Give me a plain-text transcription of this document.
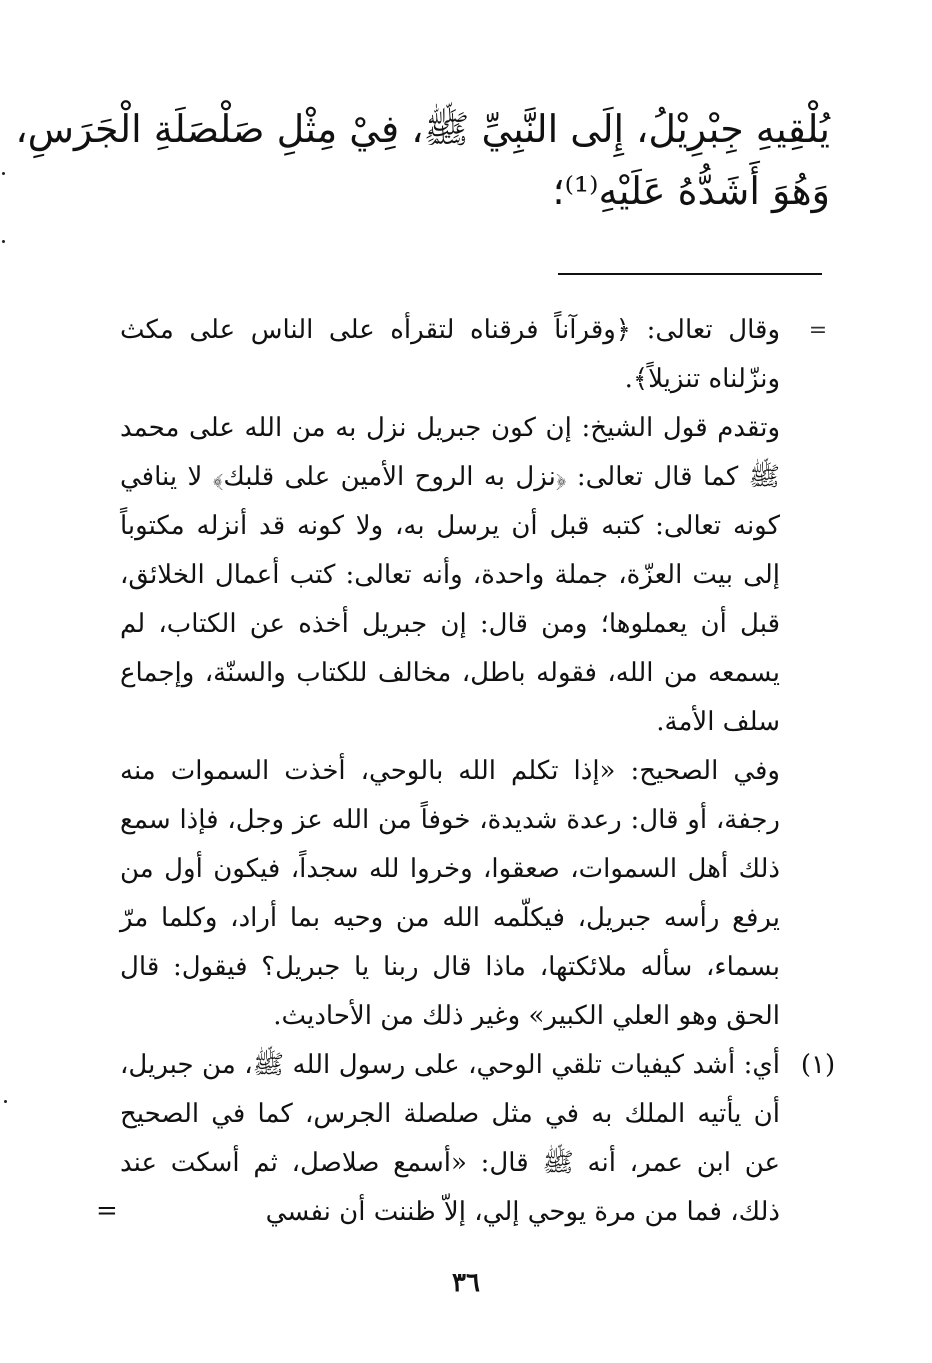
يُلْقِيهِ جِبْرِيْلُ، إِلَى النَّبِيِّ ﷺ، فِيْ مِثْلِ صَلْصَلَةِ الْجَرَسِ،
وَهُوَ أَشَدُّهُ عَلَيْهِ⁽¹⁾؛
=

وقال تعالى: ﴿وقرآناً فرقناه لتقرأه على الناس على مكث ونزّلناه تنزيلاً﴾.

وتقدم قول الشيخ: إن كون جبريل نزل به من الله على محمد ﷺ كما قال تعالى: ﴿نزل به الروح الأمين على قلبك﴾ لا ينافي كونه تعالى: كتبه قبل أن يرسل به، ولا كونه قد أنزله مكتوباً إلى بيت العزّة، جملة واحدة، وأنه تعالى: كتب أعمال الخلائق، قبل أن يعملوها؛ ومن قال: إن جبريل أخذه عن الكتاب، لم يسمعه من الله، فقوله باطل، مخالف للكتاب والسنّة، وإجماع سلف الأمة.

وفي الصحيح: «إذا تكلم الله بالوحي، أخذت السموات منه رجفة، أو قال: رعدة شديدة، خوفاً من الله عز وجل، فإذا سمع ذلك أهل السموات، صعقوا، وخروا لله سجداً، فيكون أول من يرفع رأسه جبريل، فيكلّمه الله من وحيه بما أراد، وكلما مرّ بسماء، سأله ملائكتها، ماذا قال ربنا يا جبريل؟ فيقول: قال الحق وهو العلي الكبير» وغير ذلك من الأحاديث.

(١)

أي: أشد كيفيات تلقي الوحي، على رسول الله ﷺ، من جبريل، أن يأتيه الملك به في مثل صلصلة الجرس، كما في الصحيح عن ابن عمر، أنه ﷺ قال: «أسمع صلاصل، ثم أسكت عند ذلك، فما من مرة يوحي إلي، إلاّ ظننت أن نفسي

=
٣٦
